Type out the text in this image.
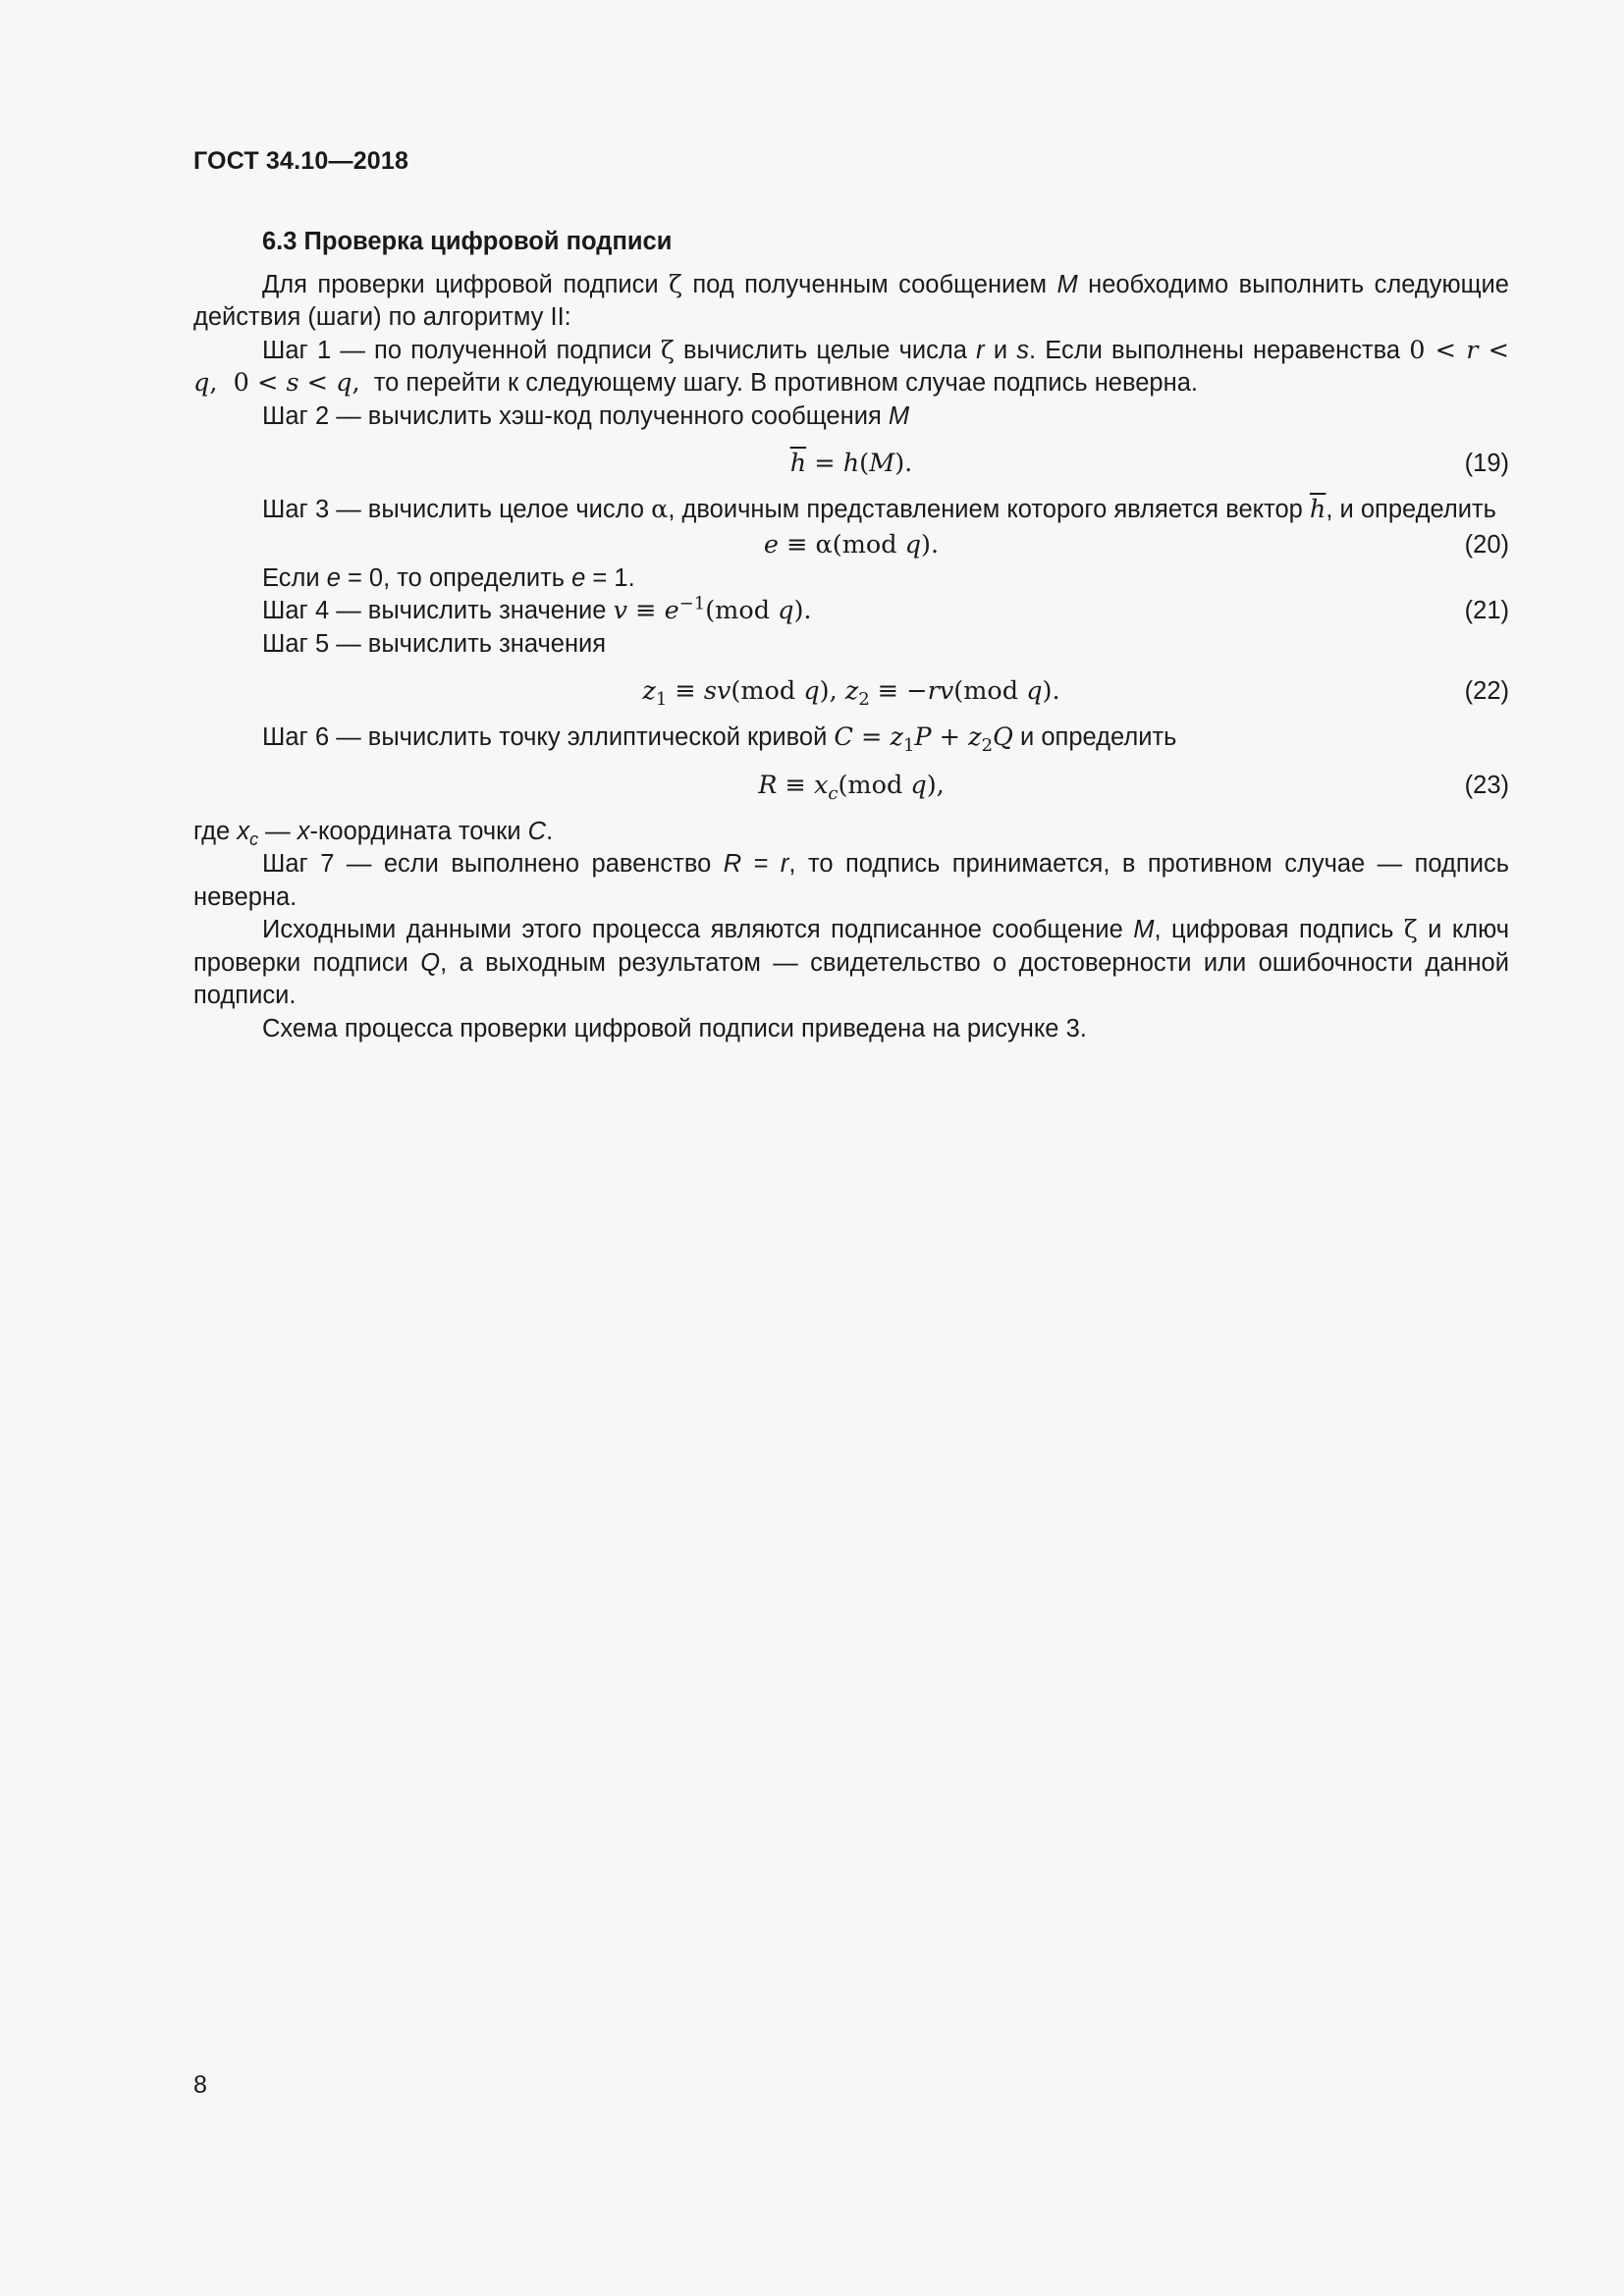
ГОСТ 34.10—2018
6.3 Проверка цифровой подписи

Для проверки цифровой подписи ζ под полученным сообщением M необходимо выполнить следующие действия (шаги) по алгоритму II:

Шаг 1 — по полученной подписи ζ вычислить целые числа r и s. Если выполнены неравенства 0 < r < q,  0 < s < q,  то перейти к следующему шагу. В противном случае подпись неверна.

Шаг 2 — вычислить хэш-код полученного сообщения M

$\overline{h} = h(M)$.	(19)

Шаг 3 — вычислить целое число α, двоичным представлением которого является вектор $\overline{h}$, и определить

e ≡ α(mod q).	(20)

Если e = 0, то определить e = 1.

Шаг 4 — вычислить значение $v \equiv e^{-1}(mod$ q).	(21)

Шаг 5 — вычислить значения

$z_1 \equiv sv(mod$ q), $z_2 \equiv -rv(mod$ q).	(22)

Шаг 6 — вычислить точку эллиптической кривой $C = z_1P + z_2Q$ и определить

$R \equiv x_c(mod$ q),	(23)

где $x_c$ — x-координата точки C.

Шаг 7 — если выполнено равенство R = r, то подпись принимается, в противном случае — подпись неверна.

Исходными данными этого процесса являются подписанное сообщение M, цифровая подпись ζ и ключ проверки подписи Q, а выходным результатом — свидетельство о достоверности или ошибочности данной подписи.

Схема процесса проверки цифровой подписи приведена на рисунке 3.

8
